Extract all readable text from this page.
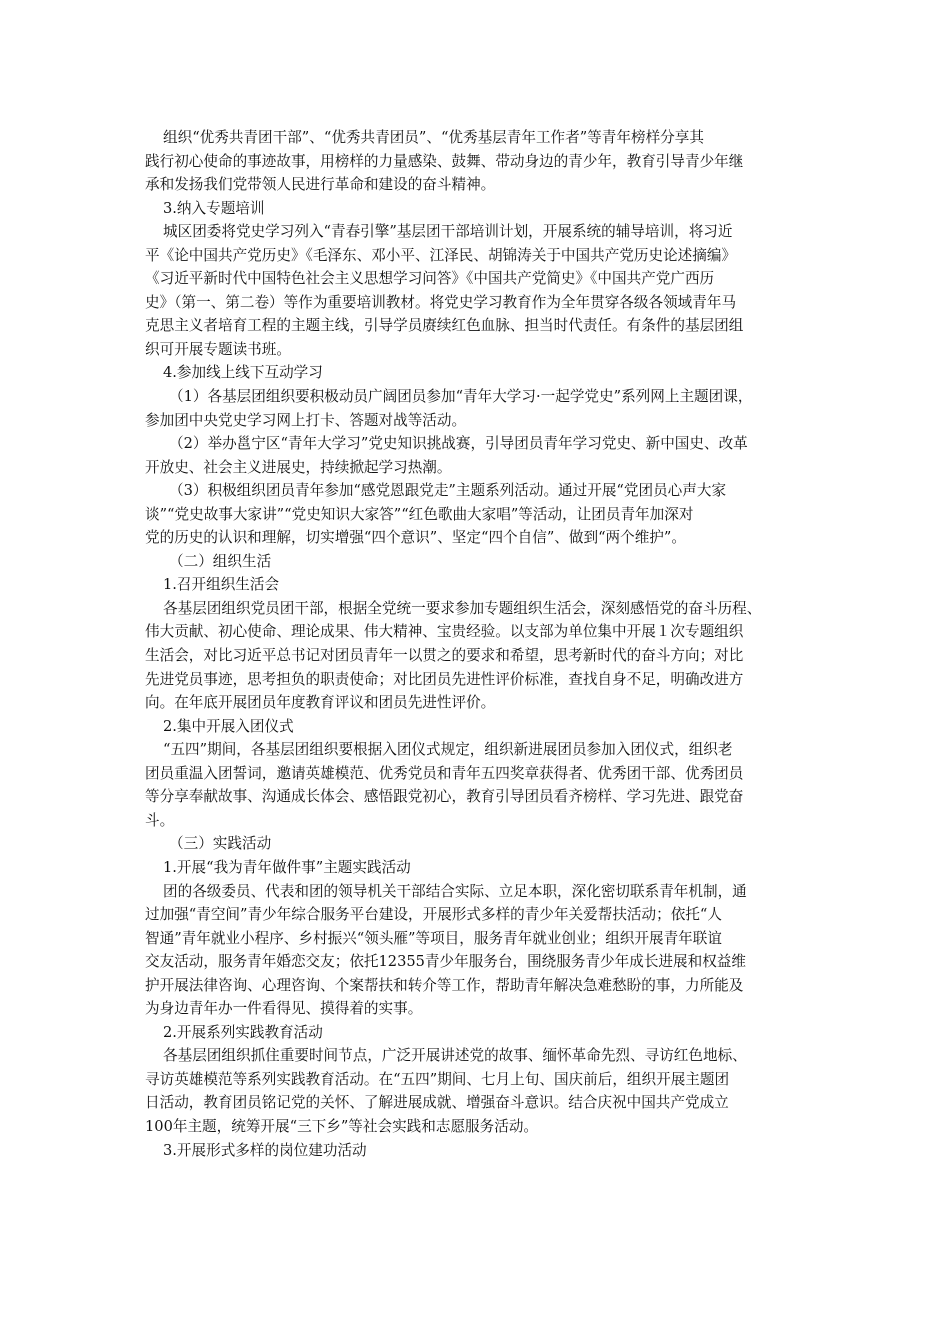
组织“优秀共青团干部”、“优秀共青团员”、“优秀基层青年工作者”等青年榜样分享其
践行初心使命的事迹故事，用榜样的力量感染、鼓舞、带动身边的青少年，教育引导青少年继
承和发扬我们党带领人民进行革命和建设的奋斗精神。
3.纳入专题培训
城区团委将党史学习列入“青春引擎”基层团干部培训计划，开展系统的辅导培训，将习近
平《论中国共产党历史》《毛泽东、邓小平、江泽民、胡锦涛关于中国共产党历史论述摘编》
《习近平新时代中国特色社会主义思想学习问答》《中国共产党简史》《中国共产党广西历
史》（第一、第二卷）等作为重要培训教材。将党史学习教育作为全年贯穿各级各领域青年马
克思主义者培育工程的主题主线，引导学员赓续红色血脉、担当时代责任。有条件的基层团组
织可开展专题读书班。
4.参加线上线下互动学习
（1）各基层团组织要积极动员广阔团员参加“青年大学习·一起学党史”系列网上主题团课，
参加团中央党史学习网上打卡、答题对战等活动。
（2）举办邕宁区“青年大学习”党史知识挑战赛，引导团员青年学习党史、新中国史、改革
开放史、社会主义进展史，持续掀起学习热潮。
（3）积极组织团员青年参加“感党恩跟党走”主题系列活动。通过开展“党团员心声大家
谈”“党史故事大家讲”“党史知识大家答”“红色歌曲大家唱”等活动，让团员青年加深对
党的历史的认识和理解，切实增强“四个意识”、坚定“四个自信”、做到“两个维护”。
（二）组织生活
1.召开组织生活会
各基层团组织党员团干部，根据全党统一要求参加专题组织生活会，深刻感悟党的奋斗历程、
伟大贡献、初心使命、理论成果、伟大精神、宝贵经验。以支部为单位集中开展１次专题组织
生活会，对比习近平总书记对团员青年一以贯之的要求和希望，思考新时代的奋斗方向；对比
先进党员事迹，思考担负的职责使命；对比团员先进性评价标准，查找自身不足，明确改进方
向。在年底开展团员年度教育评议和团员先进性评价。
2.集中开展入团仪式
“五四”期间，各基层团组织要根据入团仪式规定，组织新进展团员参加入团仪式，组织老
团员重温入团誓词，邀请英雄模范、优秀党员和青年五四奖章获得者、优秀团干部、优秀团员
等分享奉献故事、沟通成长体会、感悟跟党初心，教育引导团员看齐榜样、学习先进、跟党奋
斗。
（三）实践活动
1.开展“我为青年做件事”主题实践活动
团的各级委员、代表和团的领导机关干部结合实际、立足本职，深化密切联系青年机制，通
过加强“青空间”青少年综合服务平台建设，开展形式多样的青少年关爱帮扶活动；依托“人
智通”青年就业小程序、乡村振兴“领头雁”等项目，服务青年就业创业；组织开展青年联谊
交友活动，服务青年婚恋交友；依托12355青少年服务台，围绕服务青少年成长进展和权益维
护开展法律咨询、心理咨询、个案帮扶和转介等工作，帮助青年解决急难愁盼的事，力所能及
为身边青年办一件看得见、摸得着的实事。
2.开展系列实践教育活动
各基层团组织抓住重要时间节点，广泛开展讲述党的故事、缅怀革命先烈、寻访红色地标、
寻访英雄模范等系列实践教育活动。在“五四”期间、七月上旬、国庆前后，组织开展主题团
日活动，教育团员铭记党的关怀、了解进展成就、增强奋斗意识。结合庆祝中国共产党成立
100年主题，统筹开展“三下乡”等社会实践和志愿服务活动。
3.开展形式多样的岗位建功活动
